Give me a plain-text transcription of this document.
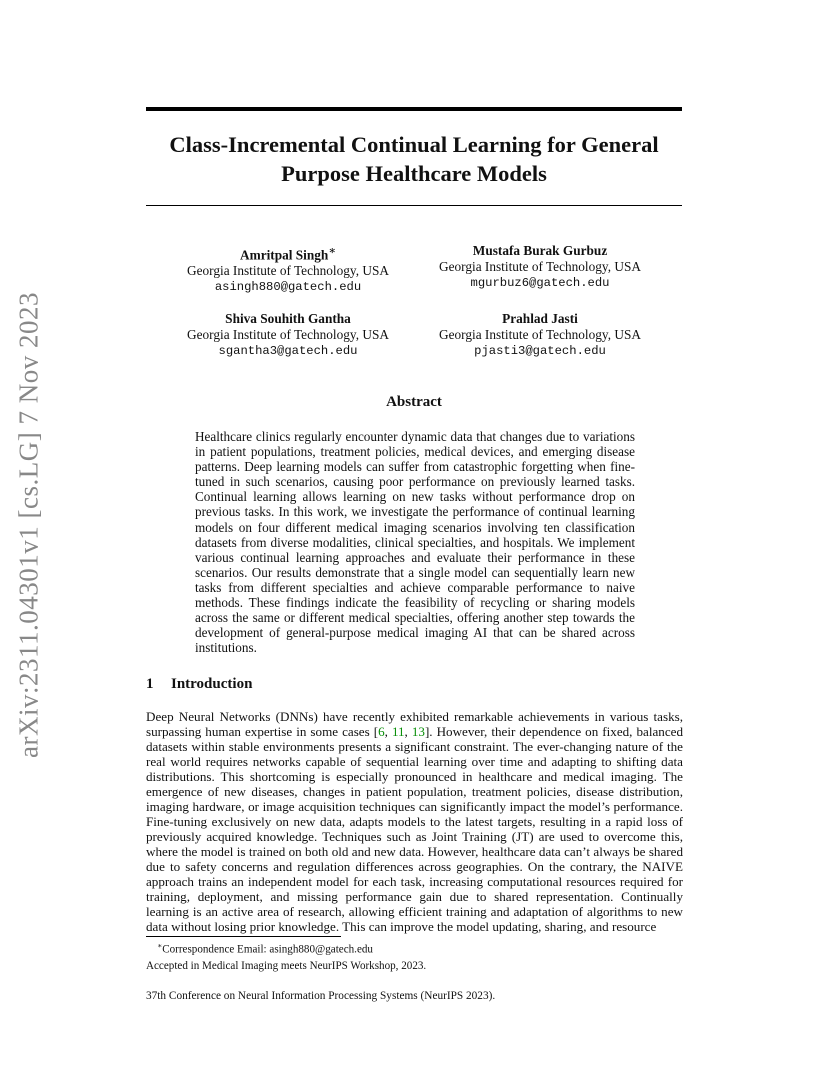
arXiv:2311.04301v1 [cs.LG] 7 Nov 2023
Class-Incremental Continual Learning for General
Purpose Healthcare Models
Amritpal Singh∗
Georgia Institute of Technology, USA
asingh880@gatech.edu
Mustafa Burak Gurbuz
Georgia Institute of Technology, USA
mgurbuz6@gatech.edu
Shiva Souhith Gantha
Georgia Institute of Technology, USA
sgantha3@gatech.edu
Prahlad Jasti
Georgia Institute of Technology, USA
pjasti3@gatech.edu
Abstract

Healthcare clinics regularly encounter dynamic data that changes due to variations in patient populations, treatment policies, medical devices, and emerging disease patterns. Deep learning models can suffer from catastrophic forgetting when fine-tuned in such scenarios, causing poor performance on previously learned tasks. Continual learning allows learning on new tasks without performance drop on previous tasks. In this work, we investigate the performance of continual learning models on four different medical imaging scenarios involving ten classification datasets from diverse modalities, clinical specialties, and hospitals. We implement various continual learning approaches and evaluate their performance in these scenarios. Our results demonstrate that a single model can sequentially learn new tasks from different specialties and achieve comparable performance to naive methods. These findings indicate the feasibility of recycling or sharing models across the same or different medical specialties, offering another step towards the development of general-purpose medical imaging AI that can be shared across institutions.

1 Introduction

Deep Neural Networks (DNNs) have recently exhibited remarkable achievements in various tasks, surpassing human expertise in some cases [6, 11, 13]. However, their dependence on fixed, balanced datasets within stable environments presents a significant constraint. The ever-changing nature of the real world requires networks capable of sequential learning over time and adapting to shifting data distributions. This shortcoming is especially pronounced in healthcare and medical imaging. The emergence of new diseases, changes in patient population, treatment policies, disease distribution, imaging hardware, or image acquisition techniques can significantly impact the model’s performance. Fine-tuning exclusively on new data, adapts models to the latest targets, resulting in a rapid loss of previously acquired knowledge. Techniques such as Joint Training (JT) are used to overcome this, where the model is trained on both old and new data. However, healthcare data can’t always be shared due to safety concerns and regulation differences across geographies. On the contrary, the NAIVE approach trains an independent model for each task, increasing computational resources required for training, deployment, and missing performance gain due to shared representation. Continually learning is an active area of research, allowing efficient training and adaptation of algorithms to new data without losing prior knowledge. This can improve the model updating, sharing, and resource

∗Correspondence Email: asingh880@gatech.edu
Accepted in Medical Imaging meets NeurIPS Workshop, 2023.

37th Conference on Neural Information Processing Systems (NeurIPS 2023).
